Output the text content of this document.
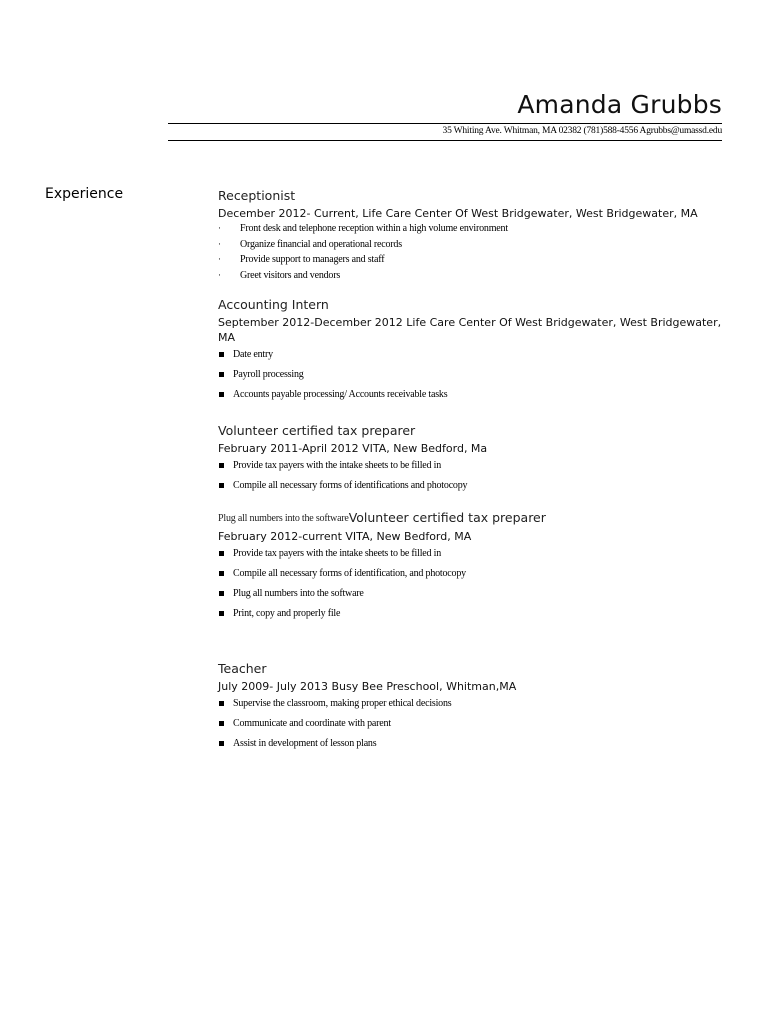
Amanda Grubbs

35 Whiting Ave. Whitman, MA 02382 (781)588-4556 Agrubbs@umassd.edu

Experience	Receptionist

December 2012- Current, Life Care Center Of West Bridgewater, West Bridgewater, MA

· Front desk and telephone reception within a high volume environment
· Organize financial and operational records
· Provide support to managers and staff
· Greet visitors and vendors

Accounting Intern

September 2012-December 2012 Life Care Center Of West Bridgewater, West Bridgewater, MA

Date entry
Payroll processing
Accounts payable processing/ Accounts receivable tasks

Volunteer certified tax preparer

February 2011-April 2012 VITA, New Bedford, Ma

Provide tax payers with the intake sheets to be filled in
Compile all necessary forms of identifications and photocopy

Plug all numbers into the softwareVolunteer certified tax preparer

February 2012-current VITA, New Bedford, MA

Provide tax payers with the intake sheets to be filled in
Compile all necessary forms of identification, and photocopy
Plug all numbers into the software
Print, copy and properly file

Teacher

July 2009- July 2013 Busy Bee Preschool, Whitman,MA

Supervise the classroom, making proper ethical decisions
Communicate and coordinate with parent
Assist in development of lesson plans
